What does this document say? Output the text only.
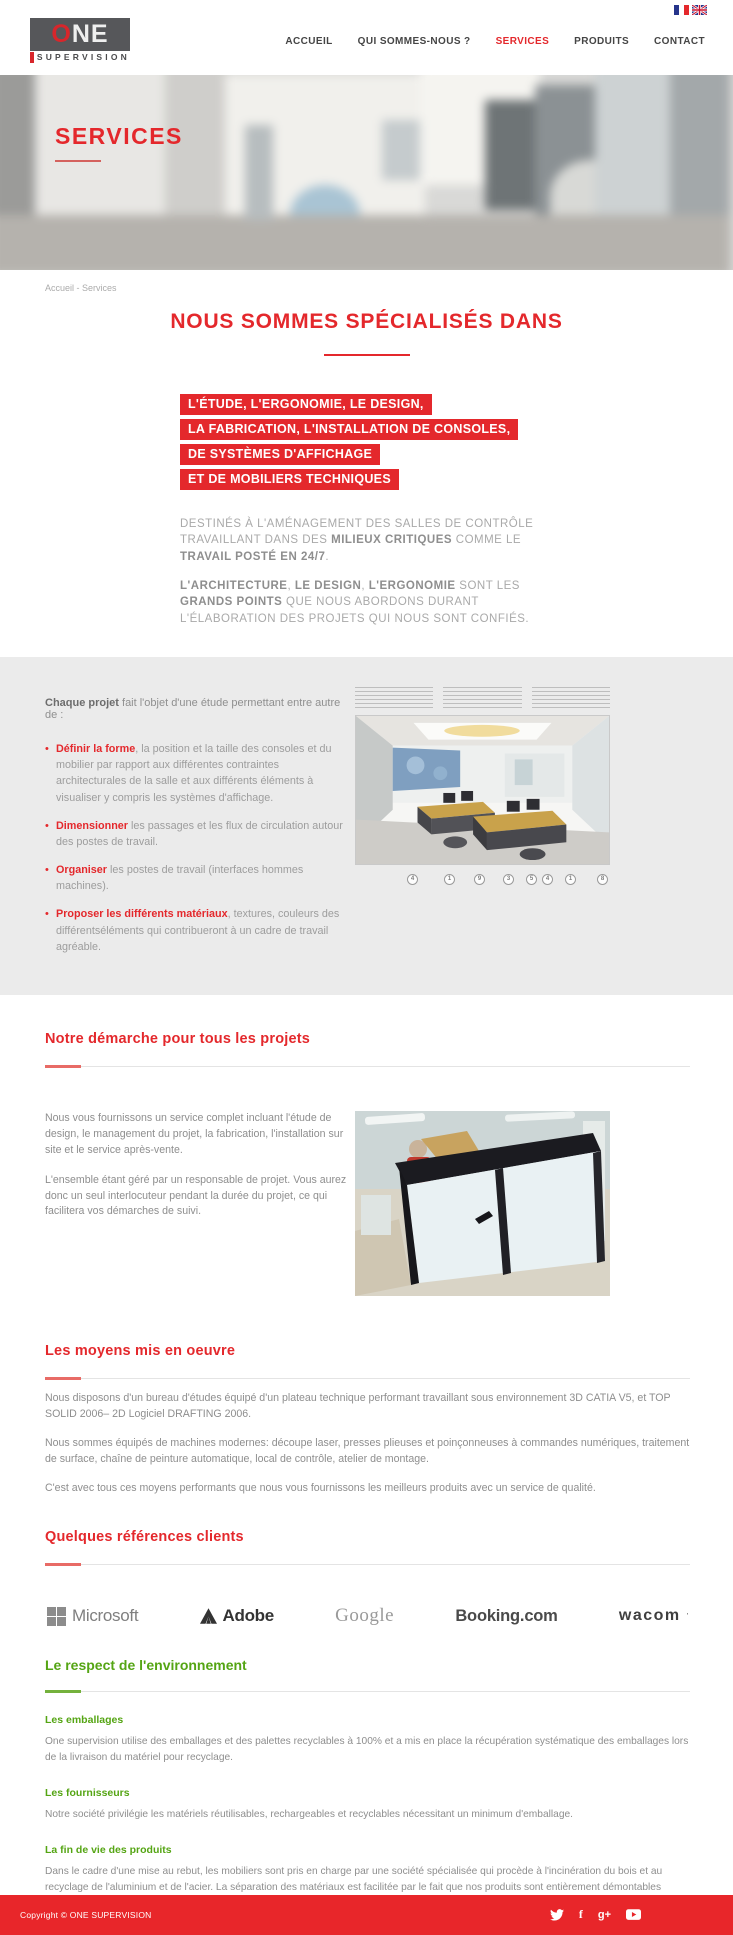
O NE
SUPERVISION
ACCUEIL	QUI SOMMES-NOUS ?	SERVICES	PRODUITS	CONTACT
SERVICES
Accueil - Services
NOUS SOMMES SPÉCIALISÉS DANS
L'ÉTUDE, L'ERGONOMIE, LE DESIGN,
LA FABRICATION, L'INSTALLATION DE CONSOLES,
DE SYSTÈMES D'AFFICHAGE
ET DE MOBILIERS TECHNIQUES

DESTINÉS À L'AMÉNAGEMENT DES SALLES DE CONTRÔLE TRAVAILLANT DANS DES MILIEUX CRITIQUES COMME LE TRAVAIL POSTÉ EN 24/7.

L'ARCHITECTURE, LE DESIGN, L'ERGONOMIE SONT LES GRANDS POINTS QUE NOUS ABORDONS DURANT L'ÉLABORATION DES PROJETS QUI NOUS SONT CONFIÉS.

Chaque projet fait l'objet d'une étude permettant entre autre de :

• Définir la forme, la position et la taille des consoles et du mobilier par rapport aux différentes contraintes architecturales de la salle et aux différents éléments à visualiser y compris les systèmes d'affichage.
• Dimensionner les passages et les flux de circulation autour des postes de travail.
• Organiser les postes de travail (interfaces hommes machines).
• Proposer les différents matériaux, textures, couleurs des différentséléments qui contribueront à un cadre de travail agréable.
4	1	9	3	5	4	1	8
Notre démarche pour tous les projets

Nous vous fournissons un service complet incluant l'étude de design, le management du projet, la fabrication, l'installation sur site et le service après-vente.

L'ensemble étant géré par un responsable de projet. Vous aurez donc un seul interlocuteur pendant la durée du projet, ce qui facilitera vos démarches de suivi.

Les moyens mis en oeuvre

Nous disposons d'un bureau d'études équipé d'un plateau technique performant travaillant sous environnement 3D CATIA V5, et TOP SOLID 2006– 2D Logiciel DRAFTING 2006.

Nous sommes équipés de machines modernes: découpe laser, presses plieuses et poinçonneuses à commandes numériques, traitement de surface, chaîne de peinture automatique, local de contrôle, atelier de montage.

C'est avec tous ces moyens performants que nous vous fournissons les meilleurs produits avec un service de qualité.

Quelques références clients
Microsoft	Adobe	Google	Booking.com	wacom '
Le respect de l'environnement
Les emballages

One supervision utilise des emballages et des palettes recyclables à 100% et a mis en place la récupération systématique des emballages lors de la livraison du matériel pour recyclage.

Les fournisseurs

Notre société privilégie les matériels réutilisables, rechargeables et recyclables nécessitant un minimum d'emballage.

La fin de vie des produits

Dans le cadre d'une mise au rebut, les mobiliers sont pris en charge par une société spécialisée qui procède à l'incinération du bois et au recyclage de l'aluminium et de l'acier. La séparation des matériaux est facilitée par le fait que nos produits sont entièrement démontables

Copyright © ONE SUPERVISION	f g+
